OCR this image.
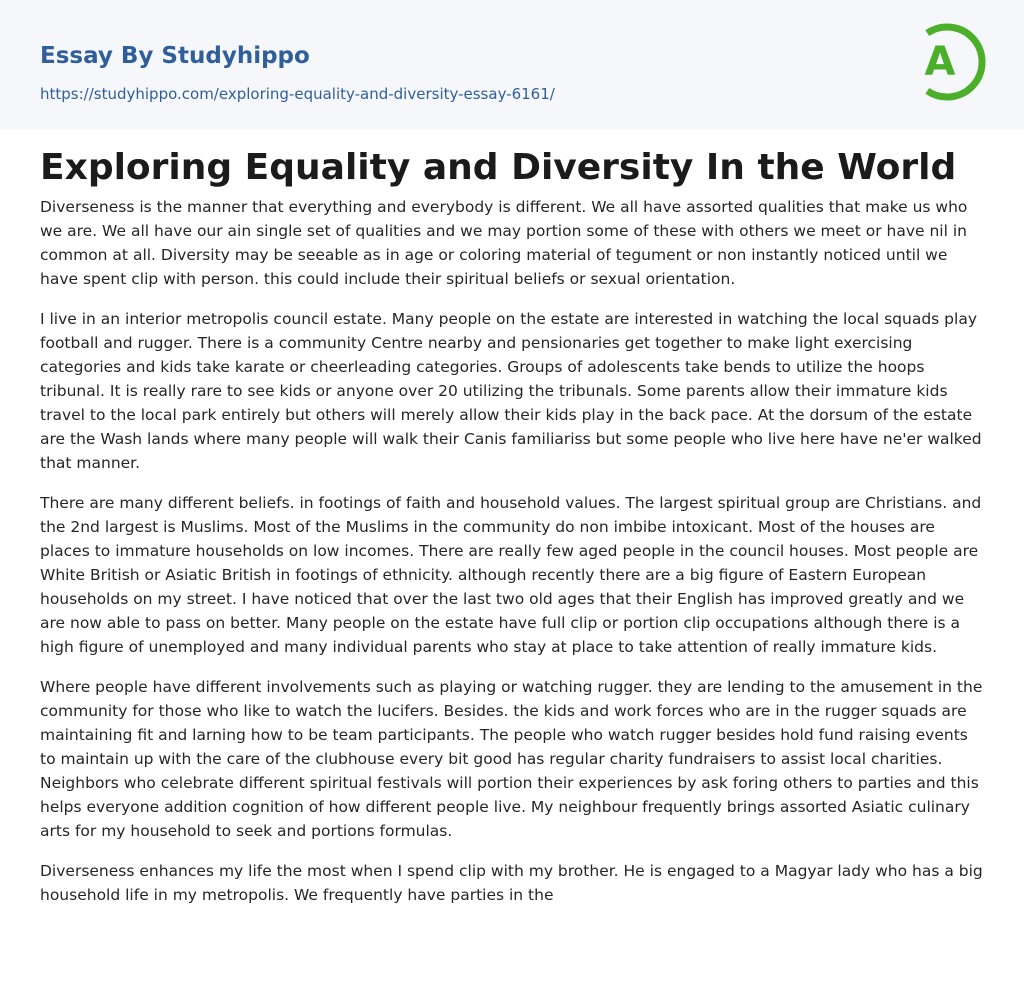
Essay By Studyhippo
https://studyhippo.com/exploring-equality-and-diversity-essay-6161/
A
Exploring Equality and Diversity In the World

Diverseness is the manner that everything and everybody is different. We all have assorted qualities that make us who we are. We all have our ain single set of qualities and we may portion some of these with others we meet or have nil in common at all. Diversity may be seeable as in age or coloring material of tegument or non instantly noticed until we have spent clip with person. this could include their spiritual beliefs or sexual orientation.

I live in an interior metropolis council estate. Many people on the estate are interested in watching the local squads play football and rugger. There is a community Centre nearby and pensionaries get together to make light exercising categories and kids take karate or cheerleading categories. Groups of adolescents take bends to utilize the hoops tribunal. It is really rare to see kids or anyone over 20 utilizing the tribunals. Some parents allow their immature kids travel to the local park entirely but others will merely allow their kids play in the back pace. At the dorsum of the estate are the Wash lands where many people will walk their Canis familiariss but some people who live here have ne'er walked that manner.

There are many different beliefs. in footings of faith and household values. The largest spiritual group are Christians. and the 2nd largest is Muslims. Most of the Muslims in the community do non imbibe intoxicant. Most of the houses are places to immature households on low incomes. There are really few aged people in the council houses. Most people are White British or Asiatic British in footings of ethnicity. although recently there are a big figure of Eastern European households on my street. I have noticed that over the last two old ages that their English has improved greatly and we are now able to pass on better. Many people on the estate have full clip or portion clip occupations although there is a high figure of unemployed and many individual parents who stay at place to take attention of really immature kids.

Where people have different involvements such as playing or watching rugger. they are lending to the amusement in the community for those who like to watch the lucifers. Besides. the kids and work forces who are in the rugger squads are maintaining fit and larning how to be team participants. The people who watch rugger besides hold fund raising events to maintain up with the care of the clubhouse every bit good has regular charity fundraisers to assist local charities. Neighbors who celebrate different spiritual festivals will portion their experiences by ask foring others to parties and this helps everyone addition cognition of how different people live. My neighbour frequently brings assorted Asiatic culinary arts for my household to seek and portions formulas.

Diverseness enhances my life the most when I spend clip with my brother. He is engaged to a Magyar lady who has a big household life in my metropolis. We frequently have parties in the
